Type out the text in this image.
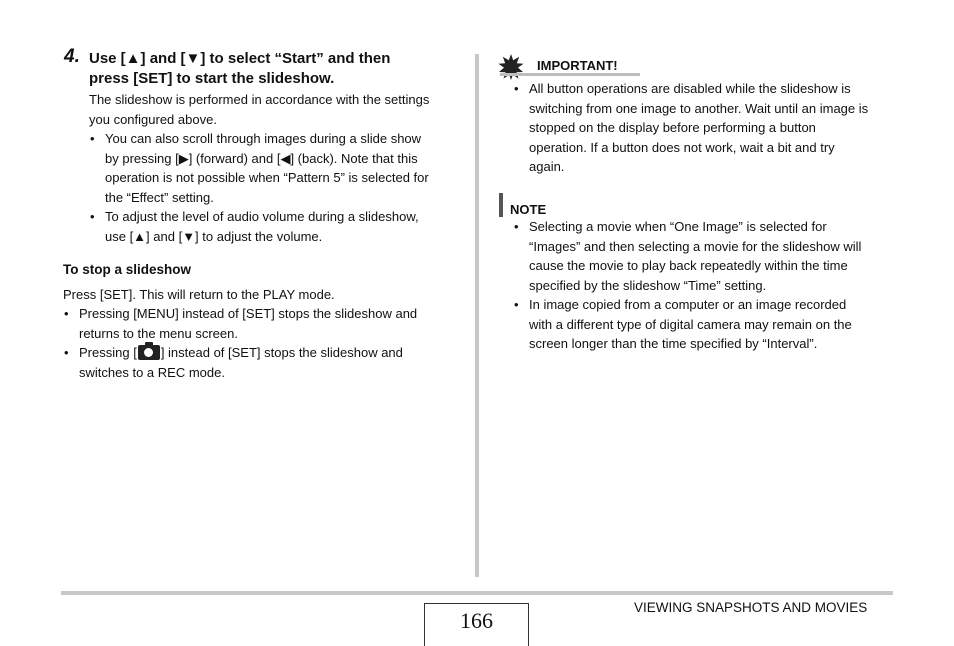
4. Use [▲] and [▼] to select “Start” and then
press [SET] to start the slideshow.
The slideshow is performed in accordance with the settings
you configured above.
• You can also scroll through images during a slide show
by pressing [▶] (forward) and [◀] (back). Note that this
operation is not possible when “Pattern 5” is selected for
the “Effect” setting.
• To adjust the level of audio volume during a slideshow,
use [▲] and [▼] to adjust the volume.
To stop a slideshow
Press [SET]. This will return to the PLAY mode.
• Pressing [MENU] instead of [SET] stops the slideshow and
returns to the menu screen.
• Pressing [ ] instead of [SET] stops the slideshow and
switches to a REC mode.
IMPORTANT!
• All button operations are disabled while the slideshow is
switching from one image to another. Wait until an image is
stopped on the display before performing a button
operation. If a button does not work, wait a bit and try
again.
NOTE
• Selecting a movie when “One Image” is selected for
“Images” and then selecting a movie for the slideshow will
cause the movie to play back repeatedly within the time
specified by the slideshow “Time” setting.
• In image copied from a computer or an image recorded
with a different type of digital camera may remain on the
screen longer than the time specified by “Interval”.
166
VIEWING SNAPSHOTS AND MOVIES
